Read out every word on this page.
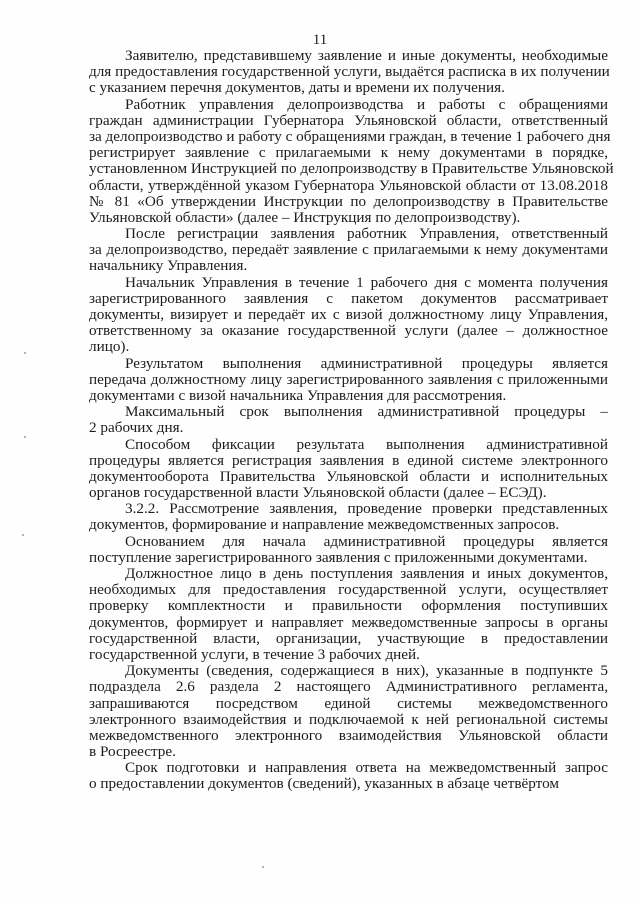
11
Заявителю, представившему заявление и иные документы, необходимые
для предоставления государственной услуги, выдаётся расписка в их получении
с указанием перечня документов, даты и времени их получения.
Работник управления делопроизводства и работы с обращениями
граждан администрации Губернатора Ульяновской области, ответственный
за делопроизводство и работу с обращениями граждан, в течение 1 рабочего дня
регистрирует заявление с прилагаемыми к нему документами в порядке,
установленном Инструкцией по делопроизводству в Правительстве Ульяновской
области, утверждённой указом Губернатора Ульяновской области от 13.08.2018
№ 81 «Об утверждении Инструкции по делопроизводству в Правительстве
Ульяновской области» (далее – Инструкция по делопроизводству).
После регистрации заявления работник Управления, ответственный
за делопроизводство, передаёт заявление с прилагаемыми к нему документами
начальнику Управления.
Начальник Управления в течение 1 рабочего дня с момента получения
зарегистрированного заявления с пакетом документов рассматривает
документы, визирует и передаёт их с визой должностному лицу Управления,
ответственному за оказание государственной услуги (далее – должностное
лицо).
Результатом выполнения административной процедуры является
передача должностному лицу зарегистрированного заявления с приложенными
документами с визой начальника Управления для рассмотрения.
Максимальный срок выполнения административной процедуры –
2 рабочих дня.
Способом фиксации результата выполнения административной
процедуры является регистрация заявления в единой системе электронного
документооборота Правительства Ульяновской области и исполнительных
органов государственной власти Ульяновской области (далее – ЕСЭД).
3.2.2. Рассмотрение заявления, проведение проверки представленных
документов, формирование и направление межведомственных запросов.
Основанием для начала административной процедуры является
поступление зарегистрированного заявления с приложенными документами.
Должностное лицо в день поступления заявления и иных документов,
необходимых для предоставления государственной услуги, осуществляет
проверку комплектности и правильности оформления поступивших
документов, формирует и направляет межведомственные запросы в органы
государственной власти, организации, участвующие в предоставлении
государственной услуги, в течение 3 рабочих дней.
Документы (сведения, содержащиеся в них), указанные в подпункте 5
подраздела 2.6 раздела 2 настоящего Административного регламента,
запрашиваются посредством единой системы межведомственного
электронного взаимодействия и подключаемой к ней региональной системы
межведомственного электронного взаимодействия Ульяновской области
в Росреестре.
Срок подготовки и направления ответа на межведомственный запрос
о предоставлении документов (сведений), указанных в абзаце четвёртом
